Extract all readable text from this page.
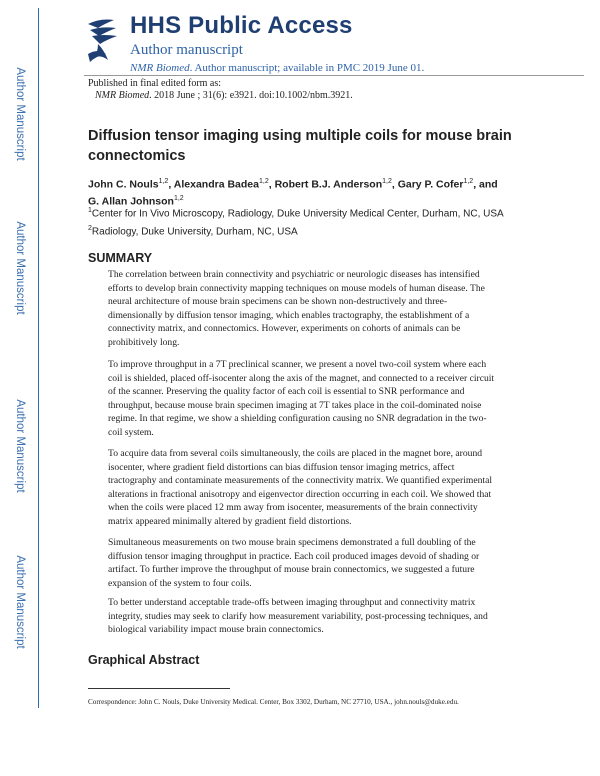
Author Manuscript
Author Manuscript
Author Manuscript
Author Manuscript
HHS Public Access
Author manuscript
NMR Biomed. Author manuscript; available in PMC 2019 June 01.
Published in final edited form as:
NMR Biomed. 2018 June ; 31(6): e3921. doi:10.1002/nbm.3921.
Diffusion tensor imaging using multiple coils for mouse brain connectomics
John C. Nouls$^{1,2}$, Alexandra Badea$^{1,2}$, Robert B.J. Anderson$^{1,2}$, Gary P. Cofer$^{1,2}$, and G. Allan Johnson$^{1,2}$
$^1$Center for In Vivo Microscopy, Radiology, Duke University Medical Center, Durham, NC, USA
$^2$Radiology, Duke University, Durham, NC, USA
SUMMARY

The correlation between brain connectivity and psychiatric or neurologic diseases has intensified efforts to develop brain connectivity mapping techniques on mouse models of human disease. The neural architecture of mouse brain specimens can be shown non-destructively and three-dimensionally by diffusion tensor imaging, which enables tractography, the establishment of a connectivity matrix, and connectomics. However, experiments on cohorts of animals can be prohibitively long.

To improve throughput in a 7T preclinical scanner, we present a novel two-coil system where each coil is shielded, placed off-isocenter along the axis of the magnet, and connected to a receiver circuit of the scanner. Preserving the quality factor of each coil is essential to SNR performance and throughput, because mouse brain specimen imaging at 7T takes place in the coil-dominated noise regime. In that regime, we show a shielding configuration causing no SNR degradation in the two-coil system.

To acquire data from several coils simultaneously, the coils are placed in the magnet bore, around isocenter, where gradient field distortions can bias diffusion tensor imaging metrics, affect tractography and contaminate measurements of the connectivity matrix. We quantified experimental alterations in fractional anisotropy and eigenvector direction occurring in each coil. We showed that when the coils were placed 12 mm away from isocenter, measurements of the brain connectivity matrix appeared minimally altered by gradient field distortions.

Simultaneous measurements on two mouse brain specimens demonstrated a full doubling of the diffusion tensor imaging throughput in practice. Each coil produced images devoid of shading or artifact. To further improve the throughput of mouse brain connectomics, we suggested a future expansion of the system to four coils.

To better understand acceptable trade-offs between imaging throughput and connectivity matrix integrity, studies may seek to clarify how measurement variability, post-processing techniques, and biological variability impact mouse brain connectomics.

Graphical Abstract
Correspondence: John C. Nouls, Duke University Medical. Center, Box 3302, Durham, NC 27710, USA., john.nouls@duke.edu.
